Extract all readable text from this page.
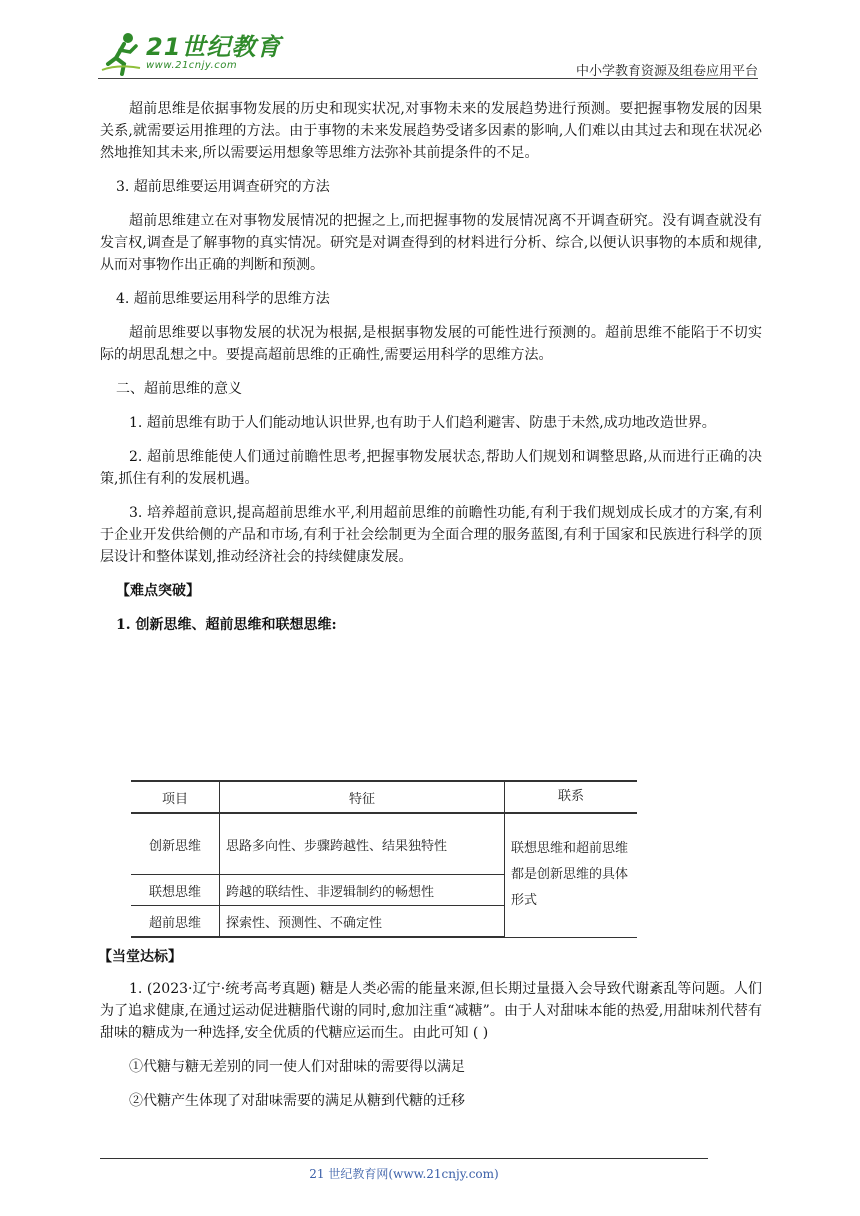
21世纪教育
www.21cnjy.com	中小学教育资源及组卷应用平台

超前思维是依据事物发展的历史和现实状况,对事物未来的发展趋势进行预测。要把握事物发展的因果关系,就需要运用推理的方法。由于事物的未来发展趋势受诸多因素的影响,人们难以由其过去和现在状况必然地推知其未来,所以需要运用想象等思维方法弥补其前提条件的不足。

3. 超前思维要运用调查研究的方法

超前思维建立在对事物发展情况的把握之上,而把握事物的发展情况离不开调查研究。没有调查就没有发言权,调查是了解事物的真实情况。研究是对调查得到的材料进行分析、综合,以便认识事物的本质和规律,从而对事物作出正确的判断和预测。

4. 超前思维要运用科学的思维方法

超前思维要以事物发展的状况为根据,是根据事物发展的可能性进行预测的。超前思维不能陷于不切实际的胡思乱想之中。要提高超前思维的正确性,需要运用科学的思维方法。

二、超前思维的意义

1. 超前思维有助于人们能动地认识世界,也有助于人们趋利避害、防患于未然,成功地改造世界。

2. 超前思维能使人们通过前瞻性思考,把握事物发展状态,帮助人们规划和调整思路,从而进行正确的决策,抓住有利的发展机遇。

3. 培养超前意识,提高超前思维水平,利用超前思维的前瞻性功能,有利于我们规划成长成才的方案,有利于企业开发供给侧的产品和市场,有利于社会绘制更为全面合理的服务蓝图,有利于国家和民族进行科学的顶层设计和整体谋划,推动经济社会的持续健康发展。

【难点突破】

1. 创新思维、超前思维和联想思维:

项目	特征	联系
创新思维	思路多向性、步骤跨越性、结果独特性	联想思维和超前思维都是创新思维的具体形式
联想思维	跨越的联结性、非逻辑制约的畅想性	
超前思维	探索性、预测性、不确定性	

【当堂达标】

1. (2023·辽宁·统考高考真题) 糖是人类必需的能量来源,但长期过量摄入会导致代谢紊乱等问题。人们为了追求健康,在通过运动促进糖脂代谢的同时,愈加注重“减糖”。由于人对甜味本能的热爱,用甜味剂代替有甜味的糖成为一种选择,安全优质的代糖应运而生。由此可知 ( )

①代糖与糖无差别的同一使人们对甜味的需要得以满足

②代糖产生体现了对甜味需要的满足从糖到代糖的迁移

21 世纪教育网(www.21cnjy.com)
